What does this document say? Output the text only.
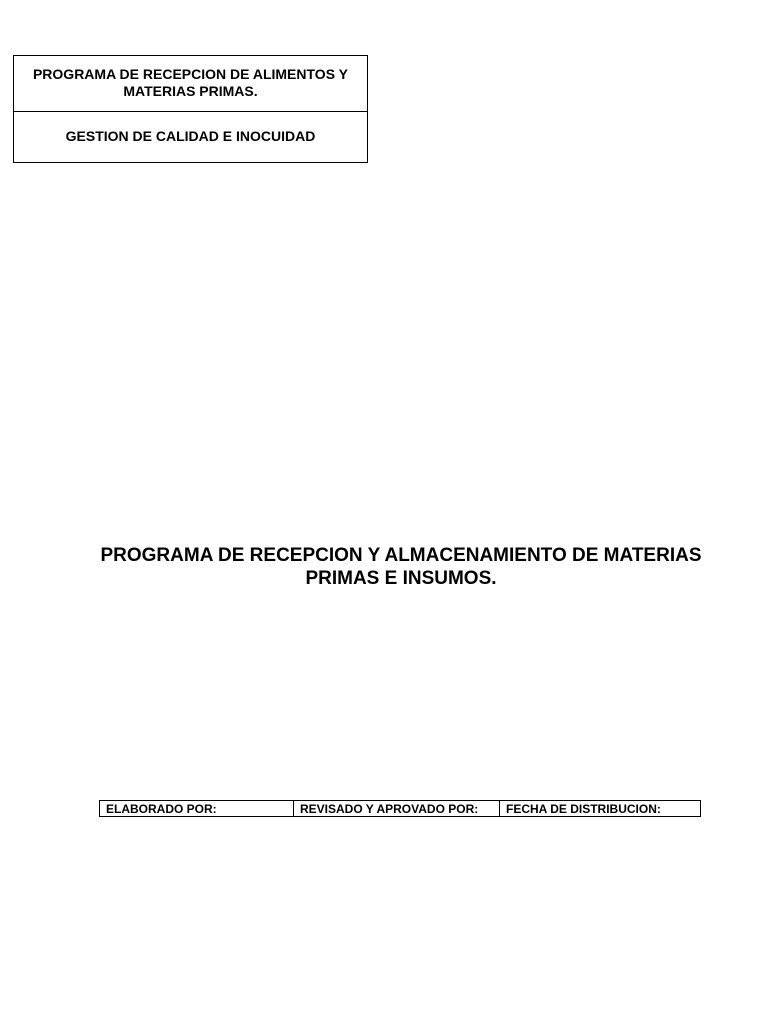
PROGRAMA DE RECEPCION DE ALIMENTOS Y MATERIAS PRIMAS.
GESTION DE CALIDAD E INOCUIDAD
PROGRAMA DE RECEPCION Y ALMACENAMIENTO DE MATERIAS PRIMAS E INSUMOS.
ELABORADO POR:	REVISADO Y APROVADO POR:	FECHA DE DISTRIBUCION:
